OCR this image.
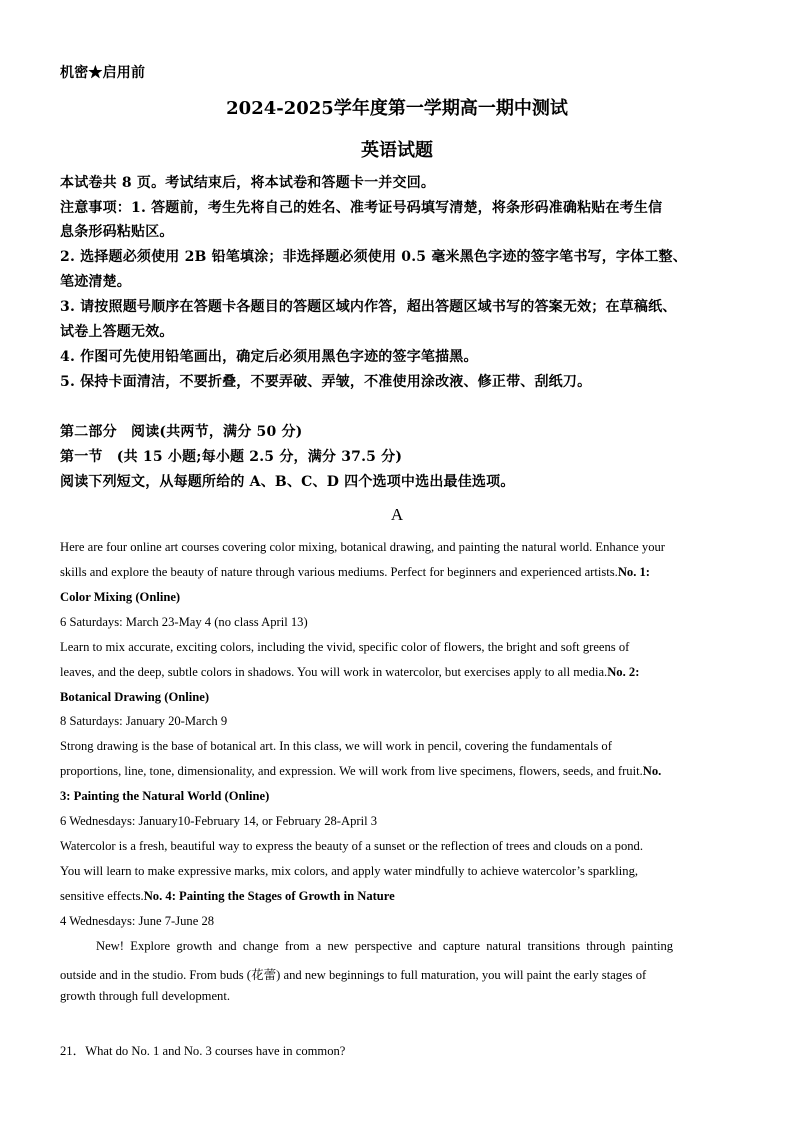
机密★启用前
2024-2025学年度第一学期高一期中测试
英语试题
本试卷共 8 页。考试结束后，将本试卷和答题卡一并交回。
注意事项：1. 答题前，考生先将自己的姓名、准考证号码填写清楚，将条形码准确粘贴在考生信
息条形码粘贴区。
2. 选择题必须使用 2B 铅笔填涂；非选择题必须使用 0.5 毫米黑色字迹的签字笔书写，字体工整、
笔迹清楚。
3. 请按照题号顺序在答题卡各题目的答题区域内作答，超出答题区域书写的答案无效；在草稿纸、
试卷上答题无效。
4. 作图可先使用铅笔画出，确定后必须用黑色字迹的签字笔描黑。
5. 保持卡面清洁，不要折叠，不要弄破、弄皱，不准使用涂改液、修正带、刮纸刀。
第二部分　阅读(共两节，满分 50 分)
第一节　(共 15 小题;每小题 2.5 分，满分 37.5 分)
阅读下列短文，从每题所给的 A、B、C、D 四个选项中选出最佳选项。
A
Here are four online art courses covering color mixing, botanical drawing, and painting the natural world. Enhance your
skills and explore the beauty of nature through various mediums. Perfect for beginners and experienced artists.No. 1:
Color Mixing (Online)
6 Saturdays: March 23-May 4 (no class April 13)
Learn to mix accurate, exciting colors, including the vivid, specific color of flowers, the bright and soft greens of
leaves, and the deep, subtle colors in shadows. You will work in watercolor, but exercises apply to all media.No. 2:
Botanical Drawing (Online)
8 Saturdays: January 20-March 9
Strong drawing is the base of botanical art. In this class, we will work in pencil, covering the fundamentals of
proportions, line, tone, dimensionality, and expression. We will work from live specimens, flowers, seeds, and fruit.No.
3: Painting the Natural World (Online)
6 Wednesdays: January10-February 14, or February 28-April 3
Watercolor is a fresh, beautiful way to express the beauty of a sunset or the reflection of trees and clouds on a pond.
You will learn to make expressive marks, mix colors, and apply water mindfully to achieve watercolor’s sparkling,
sensitive effects.No. 4: Painting the Stages of Growth in Nature
4 Wednesdays: June 7-June 28
New!  Explore  growth  and  change  from  a  new  perspective  and  capture  natural  transitions  through  painting
outside and in the studio. From buds (花蕾) and new beginnings to full maturation, you will paint the early stages of
growth through full development.
21．What do No. 1 and No. 3 courses have in common?
